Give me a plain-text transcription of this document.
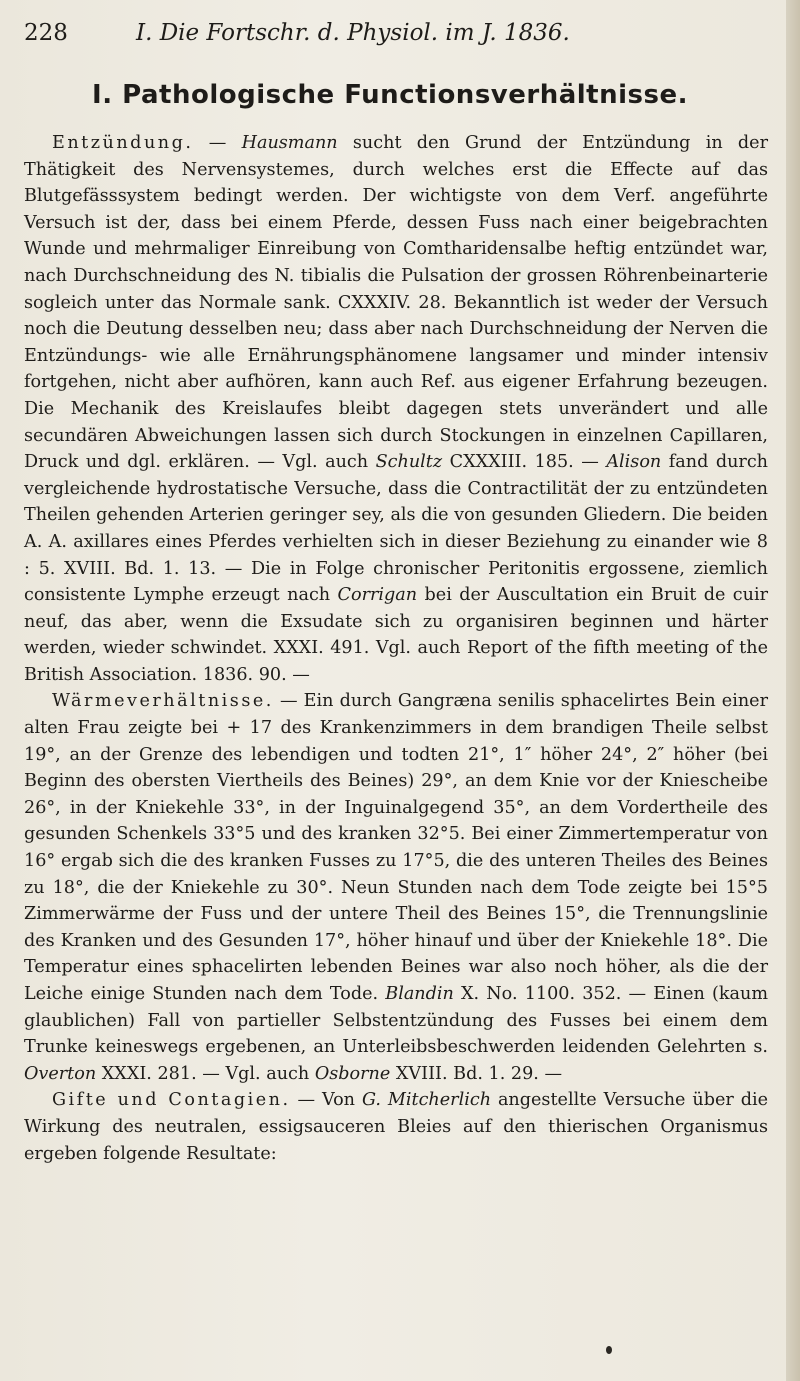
228	I. Die Fortschr. d. Physiol. im J. 1836.
I. Pathologische Functionsverhältnisse.

Entzündung. — Hausmann sucht den Grund der Entzündung in der Thätigkeit des Nervensystemes, durch welches erst die Effecte auf das Blutgefässsystem bedingt werden. Der wichtigste von dem Verf. angeführte Versuch ist der, dass bei einem Pferde, dessen Fuss nach einer beigebrachten Wunde und mehrmaliger Einreibung von Comtharidensalbe heftig entzündet war, nach Durchschneidung des N. tibialis die Pulsation der grossen Röhrenbeinarterie sogleich unter das Normale sank. CXXXIV. 28. Bekanntlich ist weder der Versuch noch die Deutung desselben neu; dass aber nach Durchschneidung der Nerven die Entzündungs- wie alle Ernährungsphänomene langsamer und minder intensiv fortgehen, nicht aber aufhören, kann auch Ref. aus eigener Erfahrung bezeugen. Die Mechanik des Kreislaufes bleibt dagegen stets unverändert und alle secundären Abweichungen lassen sich durch Stockungen in einzelnen Capillaren, Druck und dgl. erklären. — Vgl. auch Schultz CXXXIII. 185. — Alison fand durch vergleichende hydrostatische Versuche, dass die Contractilität der zu entzündeten Theilen gehenden Arterien geringer sey, als die von gesunden Gliedern. Die beiden A. A. axillares eines Pferdes verhielten sich in dieser Beziehung zu einander wie 8 : 5. XVIII. Bd. 1. 13. — Die in Folge chronischer Peritonitis ergossene, ziemlich consistente Lymphe erzeugt nach Corrigan bei der Auscultation ein Bruit de cuir neuf, das aber, wenn die Exsudate sich zu organisiren beginnen und härter werden, wieder schwindet. XXXI. 491. Vgl. auch Report of the fifth meeting of the British Association. 1836. 90. —

Wärmeverhältnisse. — Ein durch Gangræna senilis sphacelirtes Bein einer alten Frau zeigte bei + 17 des Krankenzimmers in dem brandigen Theile selbst 19°, an der Grenze des lebendigen und todten 21°, 1″ höher 24°, 2″ höher (bei Beginn des obersten Viertheils des Beines) 29°, an dem Knie vor der Kniescheibe 26°, in der Kniekehle 33°, in der Inguinalgegend 35°, an dem Vordertheile des gesunden Schenkels 33°5 und des kranken 32°5. Bei einer Zimmertemperatur von 16° ergab sich die des kranken Fusses zu 17°5, die des unteren Theiles des Beines zu 18°, die der Kniekehle zu 30°. Neun Stunden nach dem Tode zeigte bei 15°5 Zimmerwärme der Fuss und der untere Theil des Beines 15°, die Trennungslinie des Kranken und des Gesunden 17°, höher hinauf und über der Kniekehle 18°. Die Temperatur eines sphacelirten lebenden Beines war also noch höher, als die der Leiche einige Stunden nach dem Tode. Blandin X. No. 1100. 352. — Einen (kaum glaublichen) Fall von partieller Selbstentzündung des Fusses bei einem dem Trunke keineswegs ergebenen, an Unterleibsbeschwerden leidenden Gelehrten s. Overton XXXI. 281. — Vgl. auch Osborne XVIII. Bd. 1. 29. —

Gifte und Contagien. — Von G. Mitcherlich angestellte Versuche über die Wirkung des neutralen, essigsauceren Bleies auf den thierischen Organismus ergeben folgende Resultate:
